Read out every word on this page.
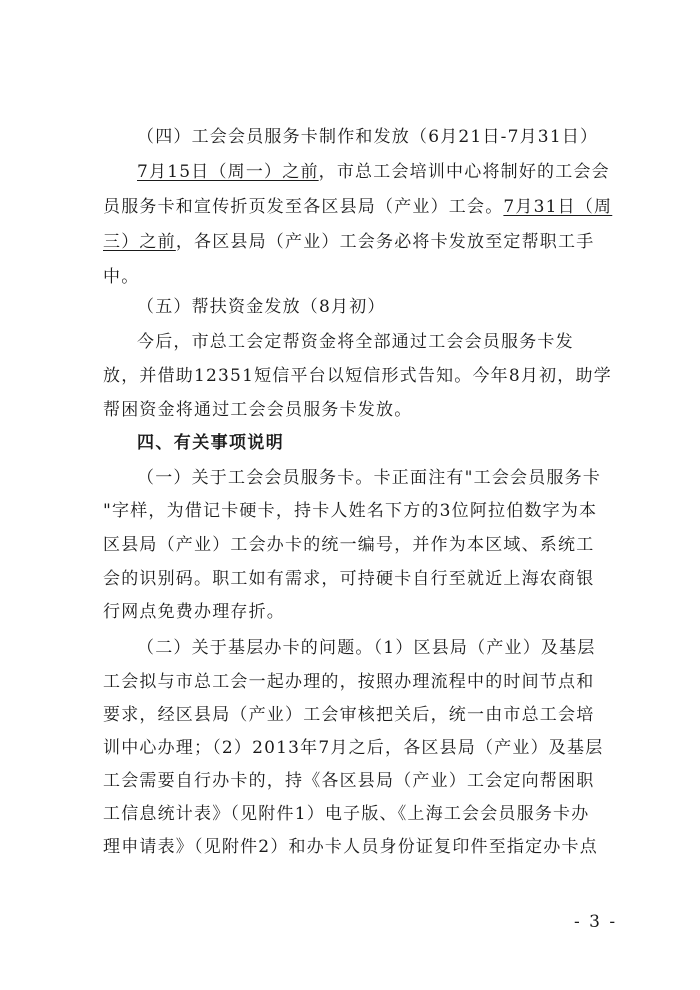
（四）工会会员服务卡制作和发放（6月21日-7月31日）
7月15日（周一）之前，市总工会培训中心将制好的工会会
员服务卡和宣传折页发至各区县局（产业）工会。7月31日（周
三）之前，各区县局（产业）工会务必将卡发放至定帮职工手
中。
（五）帮扶资金发放（8月初）
今后，市总工会定帮资金将全部通过工会会员服务卡发
放，并借助12351短信平台以短信形式告知。今年8月初，助学
帮困资金将通过工会会员服务卡发放。
四、有关事项说明
（一）关于工会会员服务卡。卡正面注有"工会会员服务卡
"字样，为借记卡硬卡，持卡人姓名下方的3位阿拉伯数字为本
区县局（产业）工会办卡的统一编号，并作为本区域、系统工
会的识别码。职工如有需求，可持硬卡自行至就近上海农商银
行网点免费办理存折。
（二）关于基层办卡的问题。（1）区县局（产业）及基层
工会拟与市总工会一起办理的，按照办理流程中的时间节点和
要求，经区县局（产业）工会审核把关后，统一由市总工会培
训中心办理；（2）2013年7月之后，各区县局（产业）及基层
工会需要自行办卡的，持《各区县局（产业）工会定向帮困职
工信息统计表》（见附件1）电子版、《上海工会会员服务卡办
理申请表》（见附件2）和办卡人员身份证复印件至指定办卡点
- 3 -
